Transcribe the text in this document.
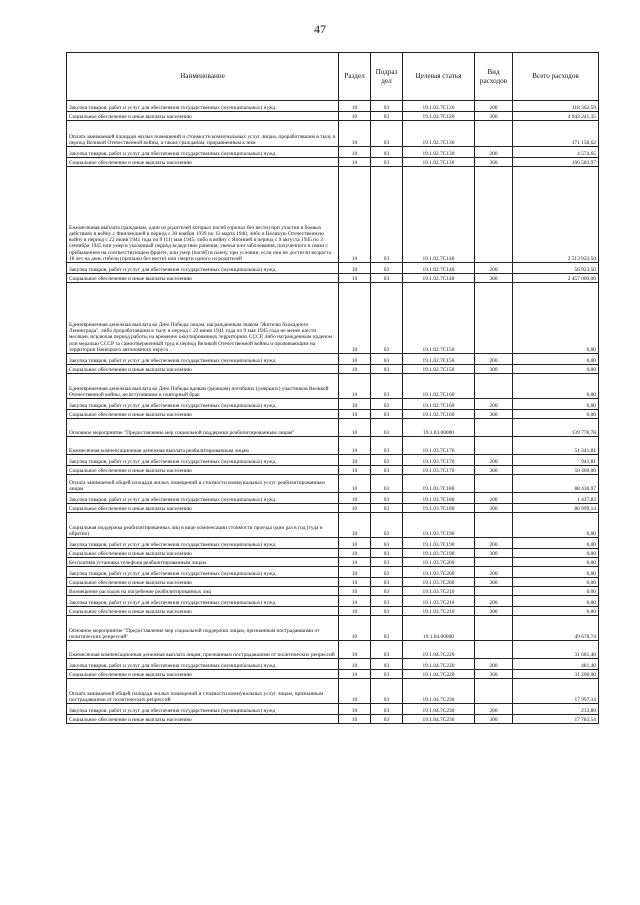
47
Наименование	Раздел	Подраз дел	Целевая статья	Вид расходов	Всего расходов
Закупка товаров, работ и услуг для обеспечения государственных (муниципальных) нужд	10	03	19.1.02.7С120	200	118 362,59
Социальное обеспечение и иные выплаты населению	10	03	19.1.02.7С120	300	4 943 241,35
Оплата занимаемой площади жилых помещений и стоимости коммунальных услуг лицам, проработавшим в тылу в период Великой Отечественной войны, а также гражданам, приравненным к ним	10	03	19.1.02.7С130		171 158,62
Закупка товаров, работ и услуг для обеспечения государственных (муниципальных) нужд	10	03	19.1.02.7С130	200	4 574,65
Социальное обеспечение и иные выплаты населению	10	03	19.1.02.7С130	300	166 583,97
Ежемесячная выплата гражданам, один из родителей которых погиб (пропал без вести) при участии в боевых действиях в войну с Финляндией в период с 30 ноября 1939 по 13 марта 1940, либо в Великую Отечественную войну в период с 22 июня 1941 года по 9 (11) мая 1945, либо в войну с Японией в период с 9 августа 1945 по 3 сентября 1945 или умер в указанный период вследствие ранения, увечья или заболевания, полученного в связи с пребыванием на соответствующем фронте, или умер (погиб) в плену, при условии, если они не достигли возраста 18 лет на день гибели (пропажи без вести) или смерти одного из родителей	10	03	19.1.02.7С140		2 513 923,50
Закупка товаров, работ и услуг для обеспечения государственных (муниципальных) нужд	10	03	19.1.02.7С140	200	56 923,50
Социальное обеспечение и иные выплаты населению	10	03	19.1.02.7С140	300	2 457 000,00
Единовременная денежная выплата ко Дню Победы лицам, награжденным знаком "Жителю блокадного Ленинграда", либо проработавшим в тылу в период с 22 июня 1941 года по 9 мая 1945 года не менее шести месяцев, исключая период работы на временно оккупированных территориях СССР, либо награжденным орденом или медалью СССР за самоотверженный труд в период Великой Отечественной войны и проживающим на территории Ненецкого автономного округа	10	03	19.1.02.7С150		0,00
Закупка товаров, работ и услуг для обеспечения государственных (муниципальных) нужд	10	03	19.1.02.7С150	200	0,00
Социальное обеспечение и иные выплаты населению	10	03	19.1.02.7С150	300	0,00
Единовременная денежная выплата ко Дню Победы вдовам (вдовцам) погибших (умерших) участников Великой Отечественной войны, не вступившим в повторный брак	10	03	19.1.02.7С160		0,00
Закупка товаров, работ и услуг для обеспечения государственных (муниципальных) нужд	10	03	19.1.02.7С160	200	0,00
Социальное обеспечение и иные выплаты населению	10	03	19.1.02.7С160	300	0,00
Основное мероприятие "Предоставление мер социальной поддержки реабилитированным лицам"	10	03	19.1.03.00000		139 778,78
Ежемесячная компенсационная денежная выплата реабилитированным лицам	10	03	19.1.03.7С170		51 341,81
Закупка товаров, работ и услуг для обеспечения государственных (муниципальных) нужд	10	03	19.1.03.7С170	200	941,81
Социальное обеспечение и иные выплаты населению	10	03	19.1.03.7С170	300	50 400,00
Оплата занимаемой общей площади жилых помещений и стоимости коммунальных услуг реабилитированным лицам	10	03	19.1.03.7С180		88 436,97
Закупка товаров, работ и услуг для обеспечения государственных (муниципальных) нужд	10	03	19.1.03.7С180	200	1 437,83
Социальное обеспечение и иные выплаты населению	10	03	19.1.03.7С180	300	86 999,14
Социальная поддержка реабилитированных лиц в виде компенсации стоимости проезда один раз в год (туда и обратно)	10	03	19.1.03.7С190		0,00
Закупка товаров, работ и услуг для обеспечения государственных (муниципальных) нужд	10	03	19.1.03.7С190	200	0,00
Социальное обеспечение и иные выплаты населению	10	03	19.1.03.7С190	300	0,00
Бесплатная установка телефона реабилитированным лицам	10	03	19.1.03.7С200		0,00
Закупка товаров, работ и услуг для обеспечения государственных (муниципальных) нужд	10	03	19.1.03.7С200	200	0,00
Социальное обеспечение и иные выплаты населению	10	03	19.1.03.7С200	300	0,00
Возмещение расходов на погребение реабилитированных лиц	10	03	19.1.03.7С210		0,00
Закупка товаров, работ и услуг для обеспечения государственных (муниципальных) нужд	10	03	19.1.03.7С210	200	0,00
Социальное обеспечение и иные выплаты населению	10	03	19.1.03.7С210	300	0,00
Основное мероприятие "Предоставление мер социальной поддержки лицам, признанным пострадавшими от политических репрессий"	10	03	19.1.04.00000		49 678,74
Ежемесячная компенсационная денежная выплата лицам, признанным пострадавшими от политических репрессий	10	03	19.1.04.7С220		31 681,40
Закупка товаров, работ и услуг для обеспечения государственных (муниципальных) нужд	10	03	19.1.04.7С220	200	481,40
Социальное обеспечение и иные выплаты населению	10	03	19.1.04.7С220	300	31 200,00
Оплата занимаемой общей площади жилых помещений и стоимости коммунальных услуг лицам, признанным пострадавшими от политических репрессий	10	03	19.1.04.7С230		17 997,34
Закупка товаров, работ и услуг для обеспечения государственных (муниципальных) нужд	10	03	19.1.04.7С230	200	213,80
Социальное обеспечение и иные выплаты населению	10	03	19.1.04.7С230	300	17 783,54
